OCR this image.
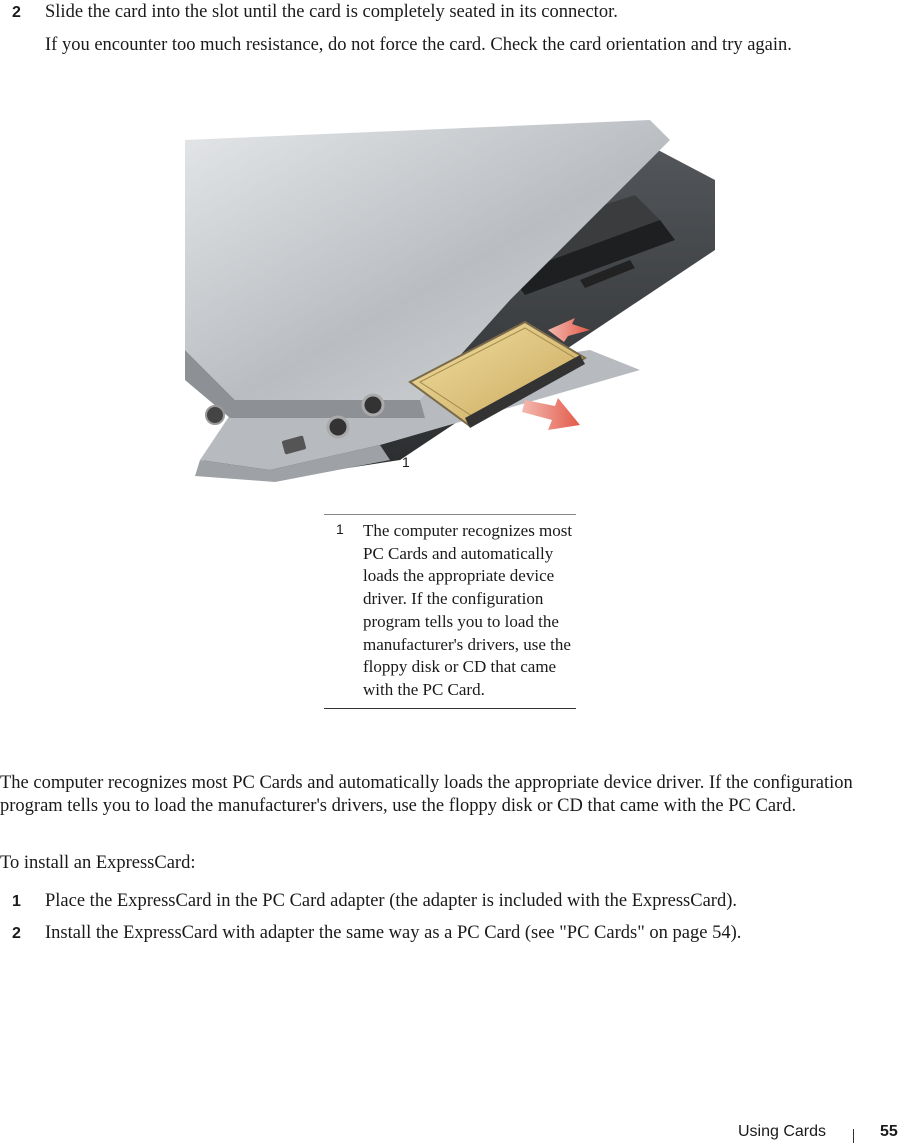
2	Slide the card into the slot until the card is completely seated in its connector.
If you encounter too much resistance, do not force the card. Check the card orientation and try again.
1
1 The computer recognizes most PC Cards and automatically loads the appropriate device driver. If the configuration program tells you to load the manufacturer's drivers, use the floppy disk or CD that came with the PC Card.
The computer recognizes most PC Cards and automatically loads the appropriate device driver. If the configuration program tells you to load the manufacturer's drivers, use the floppy disk or CD that came with the PC Card.
To install an ExpressCard:
1	Place the ExpressCard in the PC Card adapter (the adapter is included with the ExpressCard).
2	Install the ExpressCard with adapter the same way as a PC Card (see "PC Cards" on page 54).
Using Cards	55
